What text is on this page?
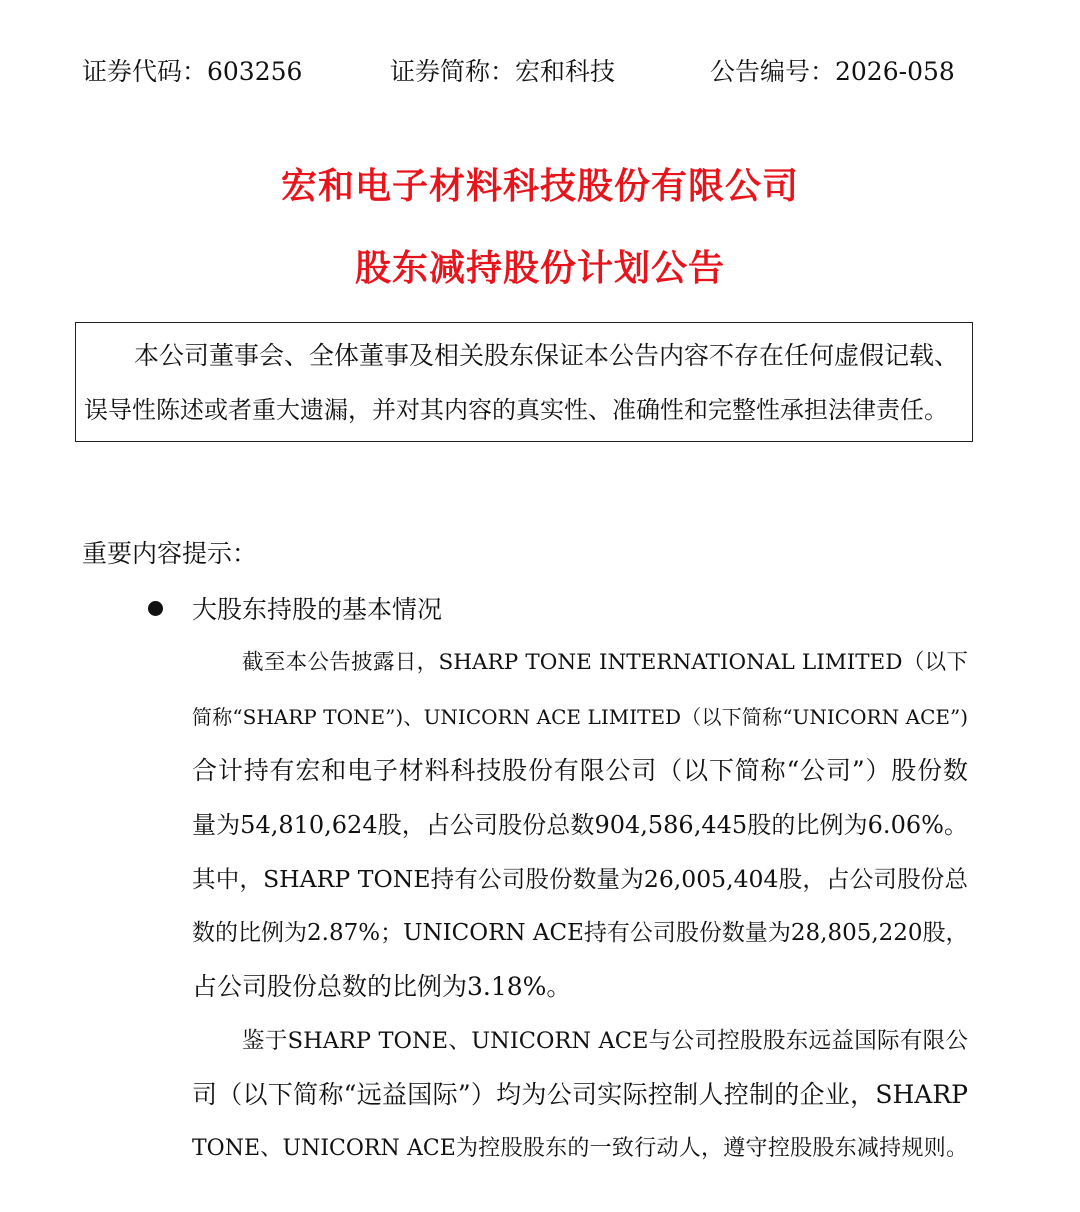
证券代码：603256	证券简称：宏和科技	公告编号：2026-058
宏和电子材料科技股份有限公司
股东减持股份计划公告

本公司董事会、全体董事及相关股东保证本公告内容不存在任何虚假记载、

误导性陈述或者重大遗漏，并对其内容的真实性、准确性和完整性承担法律责任。

重要内容提示：
大股东持股的基本情况
截至本公告披露日，SHARP TONE INTERNATIONAL LIMITED（以下
简称“SHARP TONE”)、UNICORN ACE LIMITED（以下简称“UNICORN ACE”)
合计持有宏和电子材料科技股份有限公司（以下简称“公司”）股份数
量为54,810,624股，占公司股份总数904,586,445股的比例为6.06%。
其中，SHARP TONE持有公司股份数量为26,005,404股，占公司股份总
数的比例为2.87%；UNICORN ACE持有公司股份数量为28,805,220股，
占公司股份总数的比例为3.18%。
鉴于SHARP TONE、UNICORN ACE与公司控股股东远益国际有限公
司（以下简称“远益国际”）均为公司实际控制人控制的企业，SHARP
TONE、UNICORN ACE为控股股东的一致行动人，遵守控股股东减持规则。
